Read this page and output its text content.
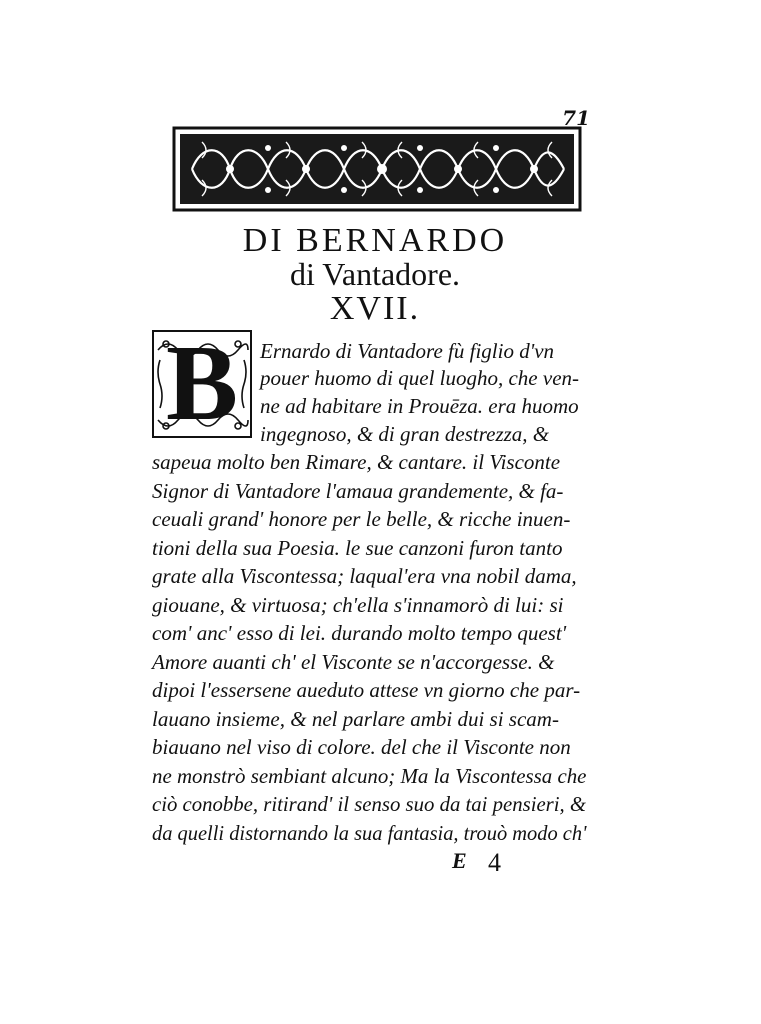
71
DI BERNARDO
di Vantadore.
XVII.
B	Ernardo di Vantadore fù figlio d'vn
pouer huomo di quel luogho, che ven-
ne ad habitare in Prouēza. era huomo
ingegnoso, & di gran destrezza, &
sapeua molto ben Rimare, & cantare. il Visconte
Signor di Vantadore l'amaua grandemente, & fa-
ceuali grand' honore per le belle, & ricche inuen-
tioni della sua Poesia. le sue canzoni furon tanto
grate alla Viscontessa; laqual'era vna nobil dama,
giouane, & virtuosa; ch'ella s'innamorò di lui: si
com' anc' esso di lei. durando molto tempo quest'
Amore auanti ch' el Visconte se n'accorgesse. &
dipoi l'essersene aueduto attese vn giorno che par-
lauano insieme, & nel parlare ambi dui si scam-
biauano nel viso di colore. del che il Visconte non
ne monstrò sembiant alcuno; Ma la Viscontessa che
ciò conobbe, ritirand' il senso suo da tai pensieri, &
da quelli distornando la sua fantasia, trouò modo ch'
E 4
